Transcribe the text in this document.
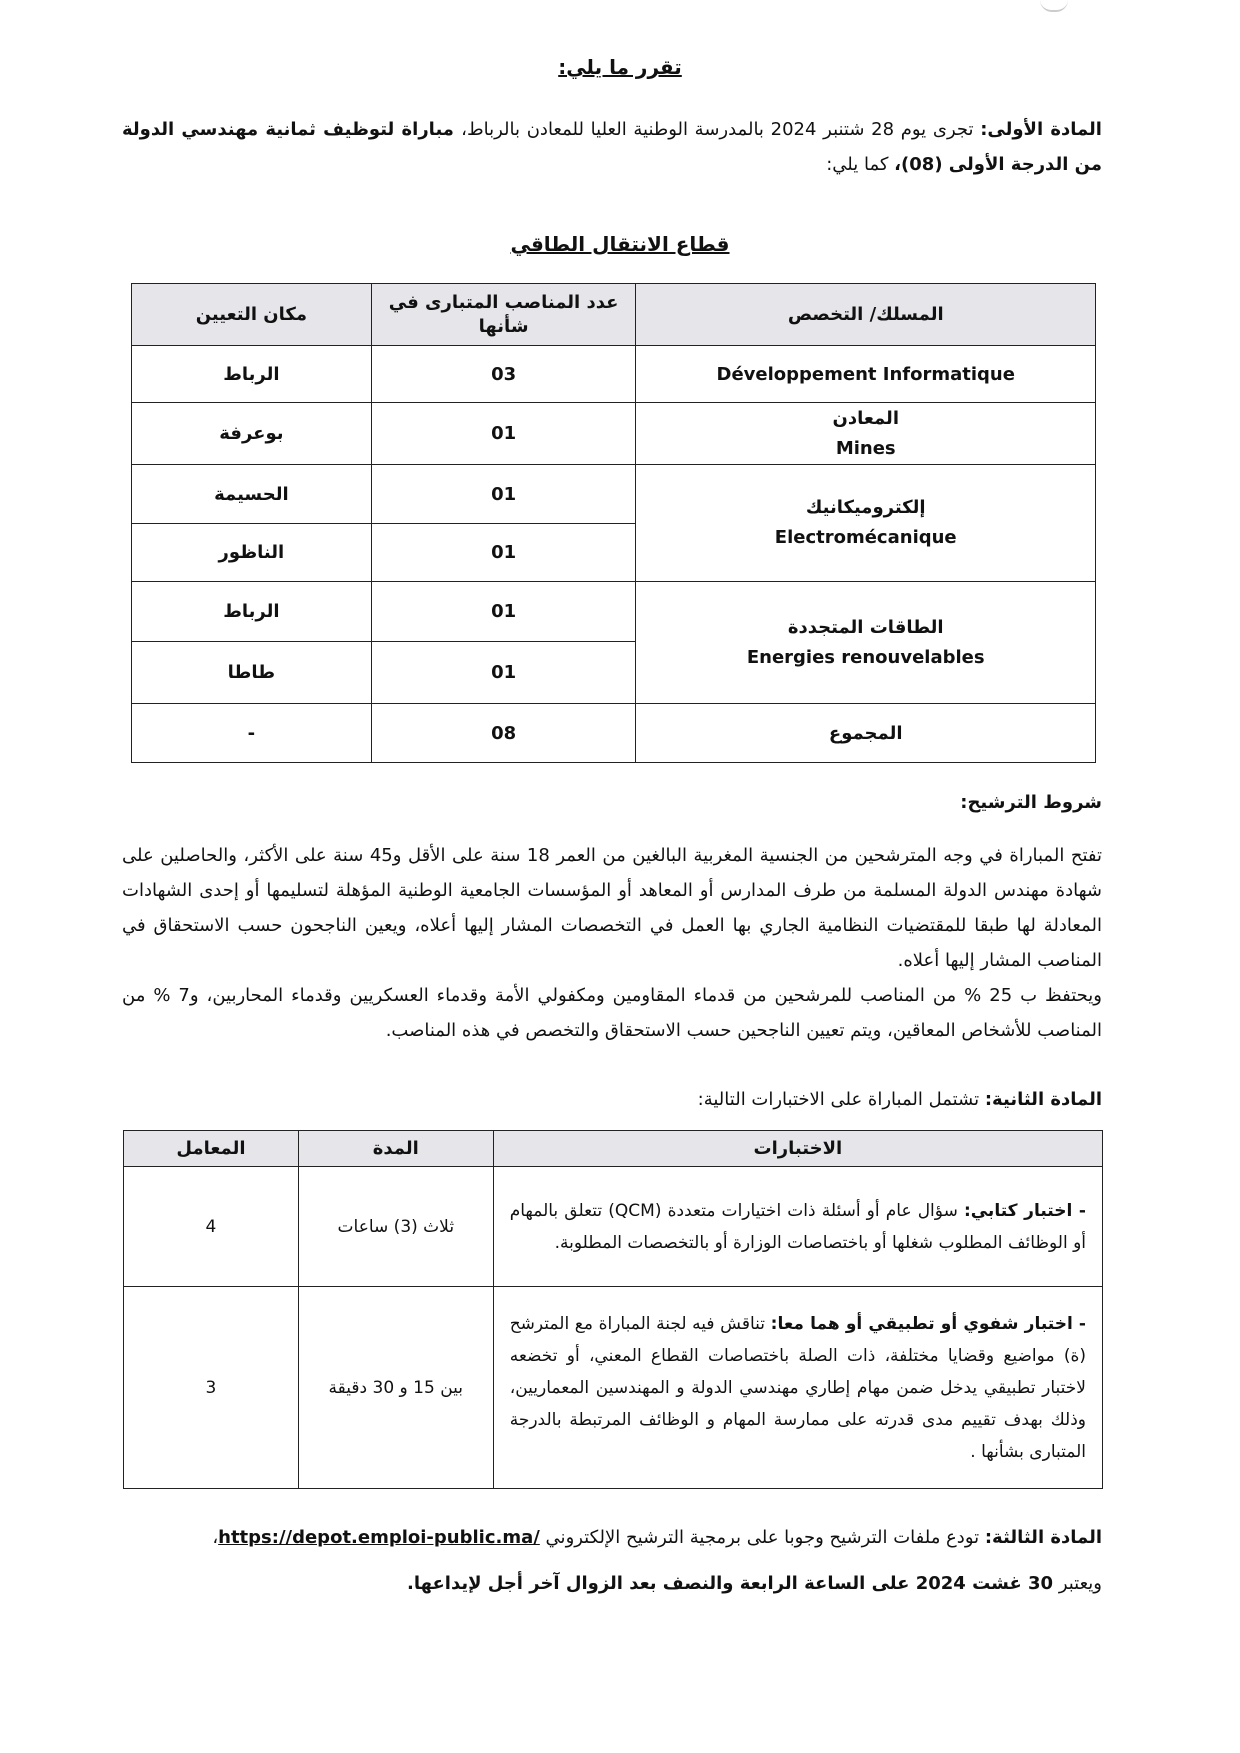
تقرر ما يلي:
المادة الأولى: تجرى يوم 28 شتنبر 2024 بالمدرسة الوطنية العليا للمعادن بالرباط، مباراة لتوظيف ثمانية مهندسي الدولة من الدرجة الأولى (08)، كما يلي:
قطاع الانتقال الطاقي
المسلك/ التخصص	عدد المناصب المتبارى في شأنها	مكان التعيين
Développement Informatique	03	الرباط

المعادن
Mines	01	بوعرفة

إلكتروميكانيك
Electromécanique	01	الحسيمة
	01	الناظور

الطاقات المتجددة
Energies renouvelables	01	الرباط
	01	طاطا
المجموع	08	-
شروط الترشيح:
تفتح المباراة في وجه المترشحين من الجنسية المغربية البالغين من العمر 18 سنة على الأقل و45 سنة على الأكثر، والحاصلين على شهادة مهندس الدولة المسلمة من طرف المدارس أو المعاهد أو المؤسسات الجامعية الوطنية المؤهلة لتسليمها أو إحدى الشهادات المعادلة لها طبقا للمقتضيات النظامية الجاري بها العمل في التخصصات المشار إليها أعلاه، ويعين الناجحون حسب الاستحقاق في المناصب المشار إليها أعلاه.
ويحتفظ ب 25 % من المناصب للمرشحين من قدماء المقاومين ومكفولي الأمة وقدماء العسكريين وقدماء المحاربين، و7 % من المناصب للأشخاص المعاقين، ويتم تعيين الناجحين حسب الاستحقاق والتخصص في هذه المناصب.
المادة الثانية: تشتمل المباراة على الاختبارات التالية:
الاختبارات	المدة	المعامل
- اختبار كتابي: سؤال عام أو أسئلة ذات اختيارات متعددة (QCM) تتعلق بالمهام أو الوظائف المطلوب شغلها أو باختصاصات الوزارة أو بالتخصصات المطلوبة.	ثلاث (3) ساعات	4
- اختبار شفوي أو تطبيقي أو هما معا: تناقش فيه لجنة المباراة مع المترشح (ة) مواضيع وقضايا مختلفة، ذات الصلة باختصاصات القطاع المعني، أو تخضعه لاختبار تطبيقي يدخل ضمن مهام إطاري مهندسي الدولة و المهندسين المعماريين، وذلك بهدف تقييم مدى قدرته على ممارسة المهام و الوظائف المرتبطة بالدرجة المتبارى بشأنها .	بين 15 و 30 دقيقة	3
المادة الثالثة: تودع ملفات الترشيح وجوبا على برمجية الترشيح الإلكتروني https://depot.emploi-public.ma/،
ويعتبر 30 غشت 2024 على الساعة الرابعة والنصف بعد الزوال آخر أجل لإيداعها.
